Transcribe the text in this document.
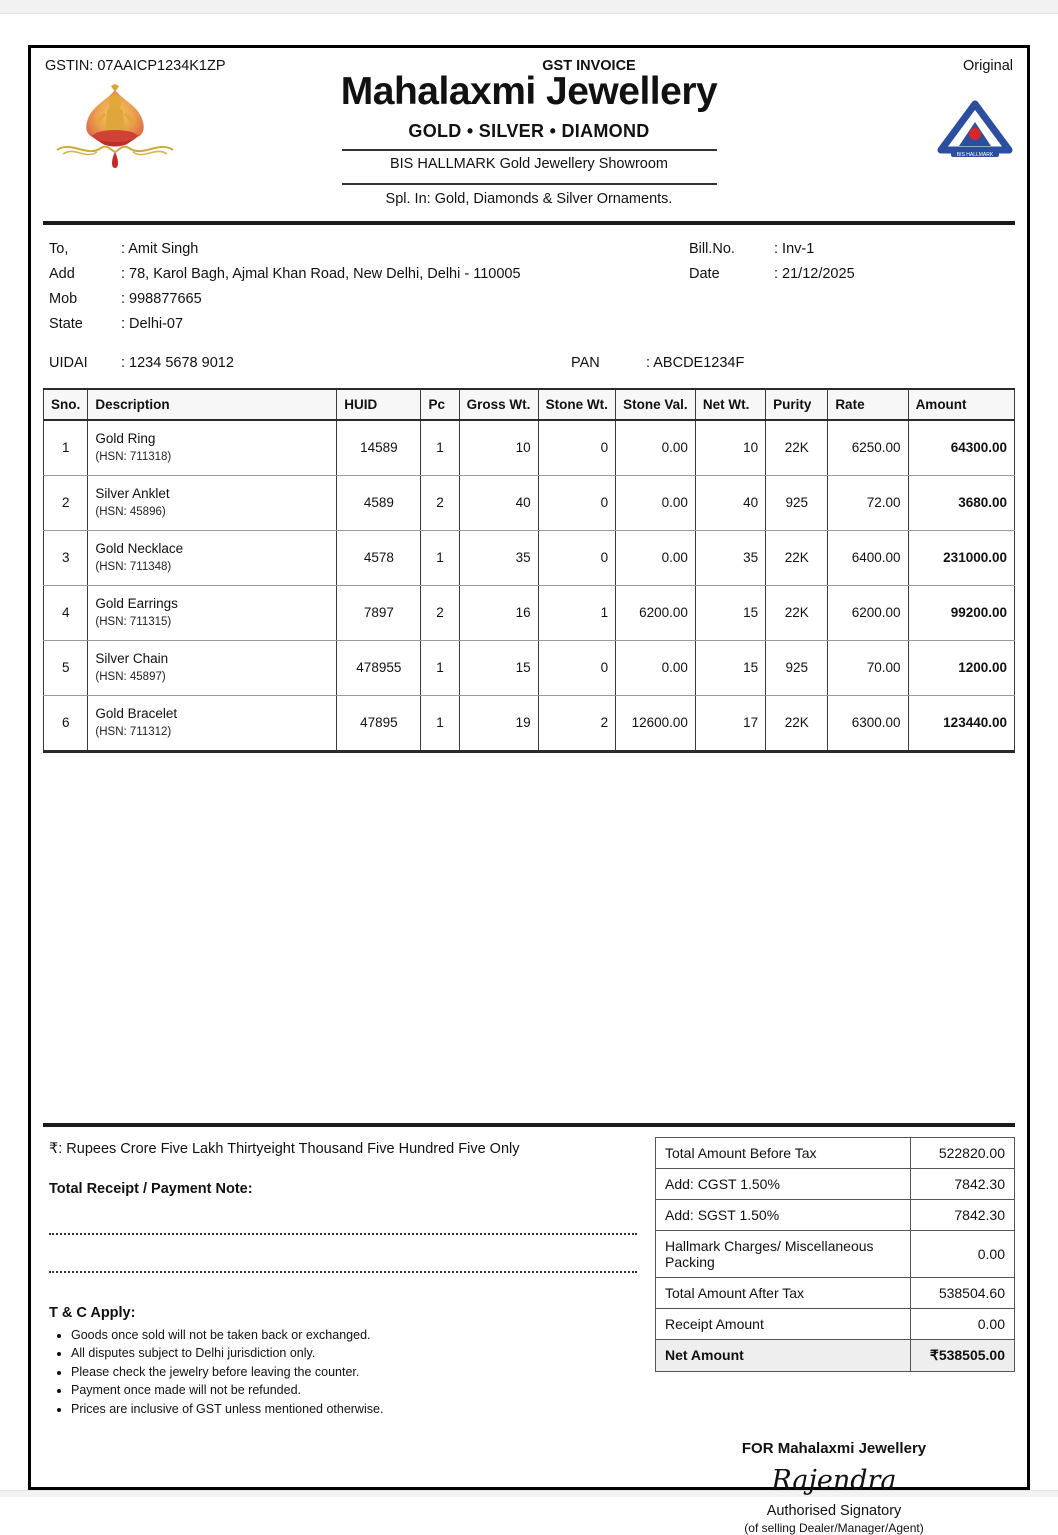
GSTIN: 07AAICP1234K1ZP	GST INVOICE	Original
Mahalaxmi Jewellery
GOLD • SILVER • DIAMOND
BIS HALLMARK Gold Jewellery Showroom
Spl. In: Gold, Diamonds & Silver Ornaments.
BIS HALLMARK
To,	: Amit Singh	Bill.No.	: Inv-1
Add	: 78, Karol Bagh, Ajmal Khan Road, New Delhi, Delhi - 110005	Date	: 21/12/2025
Mob	: 998877665
State	: Delhi-07
UIDAI	: 1234 5678 9012	PAN	: ABCDE1234F
Sno.	Description	HUID	Pc	Gross Wt.	Stone Wt.	Stone Val.	Net Wt.	Purity	Rate	Amount
1	Gold Ring
(HSN: 711318)	14589	1	10	0	0.00	10	22K	6250.00	64300.00
2	Silver Anklet
(HSN: 45896)	4589	2	40	0	0.00	40	925	72.00	3680.00
3	Gold Necklace
(HSN: 711348)	4578	1	35	0	0.00	35	22K	6400.00	231000.00
4	Gold Earrings
(HSN: 711315)	7897	2	16	1	6200.00	15	22K	6200.00	99200.00
5	Silver Chain
(HSN: 45897)	478955	1	15	0	0.00	15	925	70.00	1200.00
6	Gold Bracelet
(HSN: 711312)	47895	1	19	2	12600.00	17	22K	6300.00	123440.00
₹: Rupees Crore Five Lakh Thirtyeight Thousand Five Hundred Five Only
Total Receipt / Payment Note:
T & C Apply:
• Goods once sold will not be taken back or exchanged.
• All disputes subject to Delhi jurisdiction only.
• Please check the jewelry before leaving the counter.
• Payment once made will not be refunded.
• Prices are inclusive of GST unless mentioned otherwise.
Total Amount Before Tax	522820.00
Add: CGST 1.50%	7842.30
Add: SGST 1.50%	7842.30
Hallmark Charges/ Miscellaneous Packing	0.00
Total Amount After Tax	538504.60
Receipt Amount	0.00
Net Amount	₹538505.00
FOR Mahalaxmi Jewellery
Rajendra
Authorised Signatory
(of selling Dealer/Manager/Agent)
